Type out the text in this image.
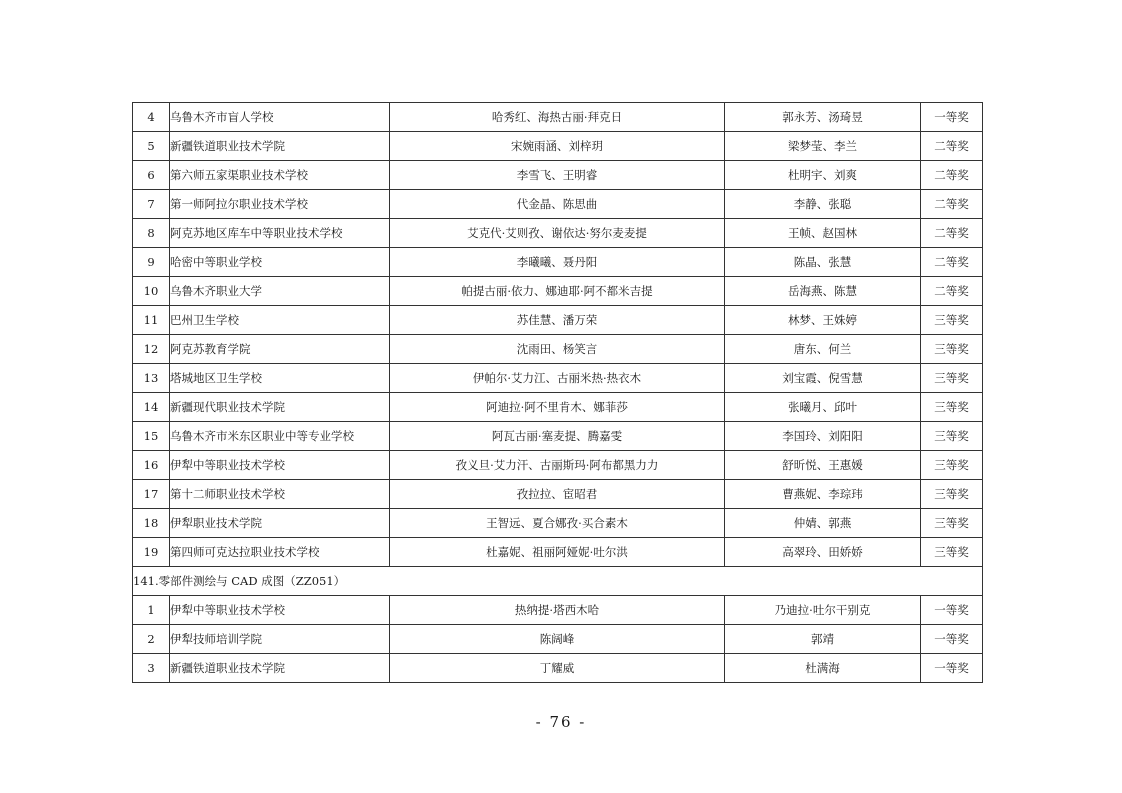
4	乌鲁木齐市盲人学校	哈秀红、海热古丽·拜克日	郭永芳、汤琦昱	一等奖
5	新疆铁道职业技术学院	宋婉雨涵、刘梓玥	梁梦莹、李兰	二等奖
6	第六师五家渠职业技术学校	李雪飞、王明睿	杜明宇、刘爽	二等奖
7	第一师阿拉尔职业技术学校	代金晶、陈思曲	李静、张聪	二等奖
8	阿克苏地区库车中等职业技术学校	艾克代·艾则孜、谢依达·努尔麦麦提	王帧、赵国林	二等奖
9	哈密中等职业学校	李曦曦、聂丹阳	陈晶、张慧	二等奖
10	乌鲁木齐职业大学	帕提古丽·依力、娜迪耶·阿不都米吉提	岳海燕、陈慧	二等奖
11	巴州卫生学校	苏佳慧、潘万荣	林梦、王姝婷	三等奖
12	阿克苏教育学院	沈雨田、杨笑言	唐东、何兰	三等奖
13	塔城地区卫生学校	伊帕尔·艾力江、古丽米热·热衣木	刘宝霞、倪雪慧	三等奖
14	新疆现代职业技术学院	阿迪拉·阿不里肯木、娜菲莎	张曦月、邱叶	三等奖
15	乌鲁木齐市米东区职业中等专业学校	阿瓦古丽·塞麦提、腾嘉雯	李国玲、刘阳阳	三等奖
16	伊犁中等职业技术学校	孜义旦·艾力汗、古丽斯玛·阿布都黑力力	舒昕悦、王惠媛	三等奖
17	第十二师职业技术学校	孜拉拉、宦昭君	曹燕妮、李琮玮	三等奖
18	伊犁职业技术学院	王智远、夏合娜孜·买合素木	仲婧、郭燕	三等奖
19	第四师可克达拉职业技术学校	杜嘉妮、祖丽阿娅妮·吐尔洪	高翠玲、田娇娇	三等奖
141.零部件测绘与 CAD 成图（ZZ051）				
1	伊犁中等职业技术学校	热纳提·塔西木哈	乃迪拉·吐尔干别克	一等奖
2	伊犁技师培训学院	陈阔峰	郭靖	一等奖
3	新疆铁道职业技术学院	丁耀威	杜满海	一等奖
- 76 -
